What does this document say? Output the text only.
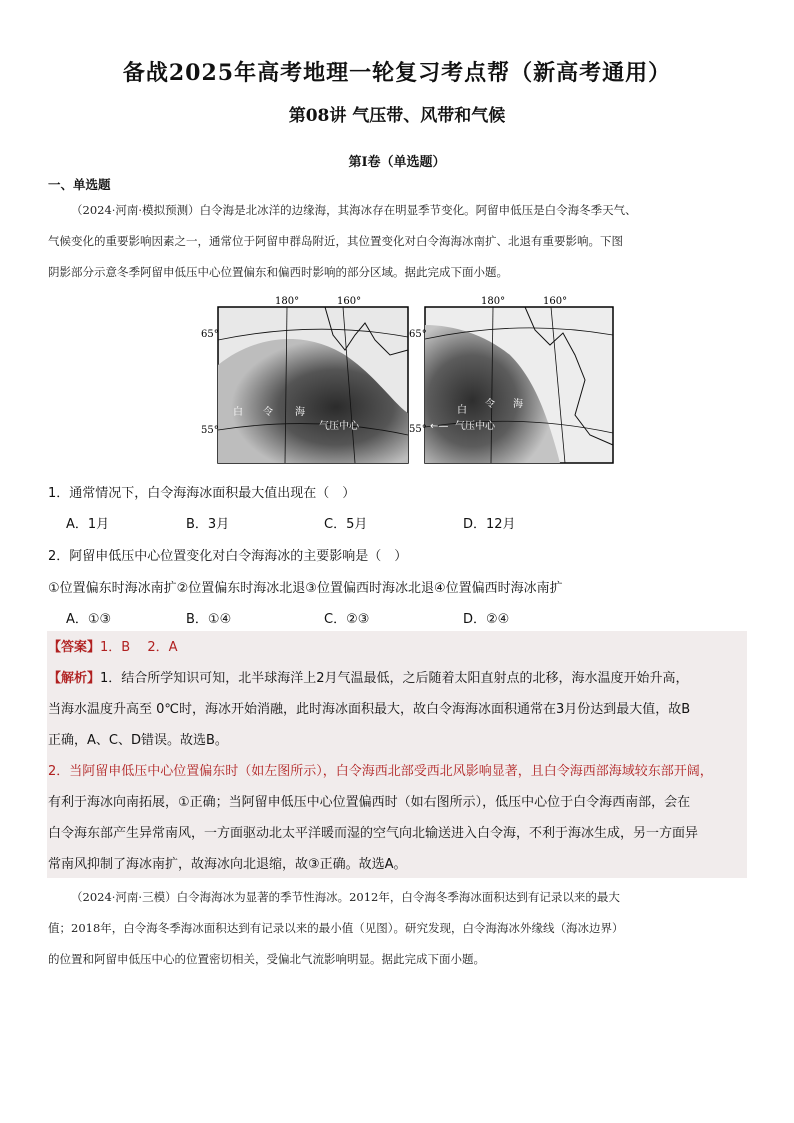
备战2025年高考地理一轮复习考点帮（新高考通用）
第08讲 气压带、风带和气候
第I卷（单选题）
一、单选题
（2024·河南·模拟预测）白令海是北冰洋的边缘海，其海冰存在明显季节变化。阿留申低压是白令海冬季天气、
气候变化的重要影响因素之一，通常位于阿留申群岛附近，其位置变化对白令海海冰南扩、北退有重要影响。下图
阴影部分示意冬季阿留申低压中心位置偏东和偏西时影响的部分区域。据此完成下面小题。
180°	160°
65°
55°
白 令 海
气压中心
180°	160°
65°
55°
白
令 海
←— 气压中心
1．通常情况下，白令海海冰面积最大值出现在（　）
A．1月	B．3月	C．5月	D．12月
2．阿留申低压中心位置变化对白令海海冰的主要影响是（　）
①位置偏东时海冰南扩②位置偏东时海冰北退③位置偏西时海冰北退④位置偏西时海冰南扩
A．①③	B．①④	C．②③	D．②④
【答案】1．B　 2．A
【解析】1．结合所学知识可知，北半球海洋上2月气温最低，之后随着太阳直射点的北移，海水温度开始升高，
当海水温度升高至 0℃时，海冰开始消融，此时海冰面积最大，故白令海海冰面积通常在3月份达到最大值，故B
正确，A、C、D错误。故选B。
2．当阿留申低压中心位置偏东时（如左图所示），白令海西北部受西北风影响显著，且白令海西部海域较东部开阔，
有利于海冰向南拓展，①正确；当阿留申低压中心位置偏西时（如右图所示），低压中心位于白令海西南部，会在
白令海东部产生异常南风，一方面驱动北太平洋暖而湿的空气向北输送进入白令海，不利于海冰生成，另一方面异
常南风抑制了海冰南扩，故海冰向北退缩，故③正确。故选A。
（2024·河南·三模）白令海海冰为显著的季节性海冰。2012年，白令海冬季海冰面积达到有记录以来的最大
值；2018年，白令海冬季海冰面积达到有记录以来的最小值（见图）。研究发现，白令海海冰外缘线（海冰边界）
的位置和阿留申低压中心的位置密切相关，受偏北气流影响明显。据此完成下面小题。
